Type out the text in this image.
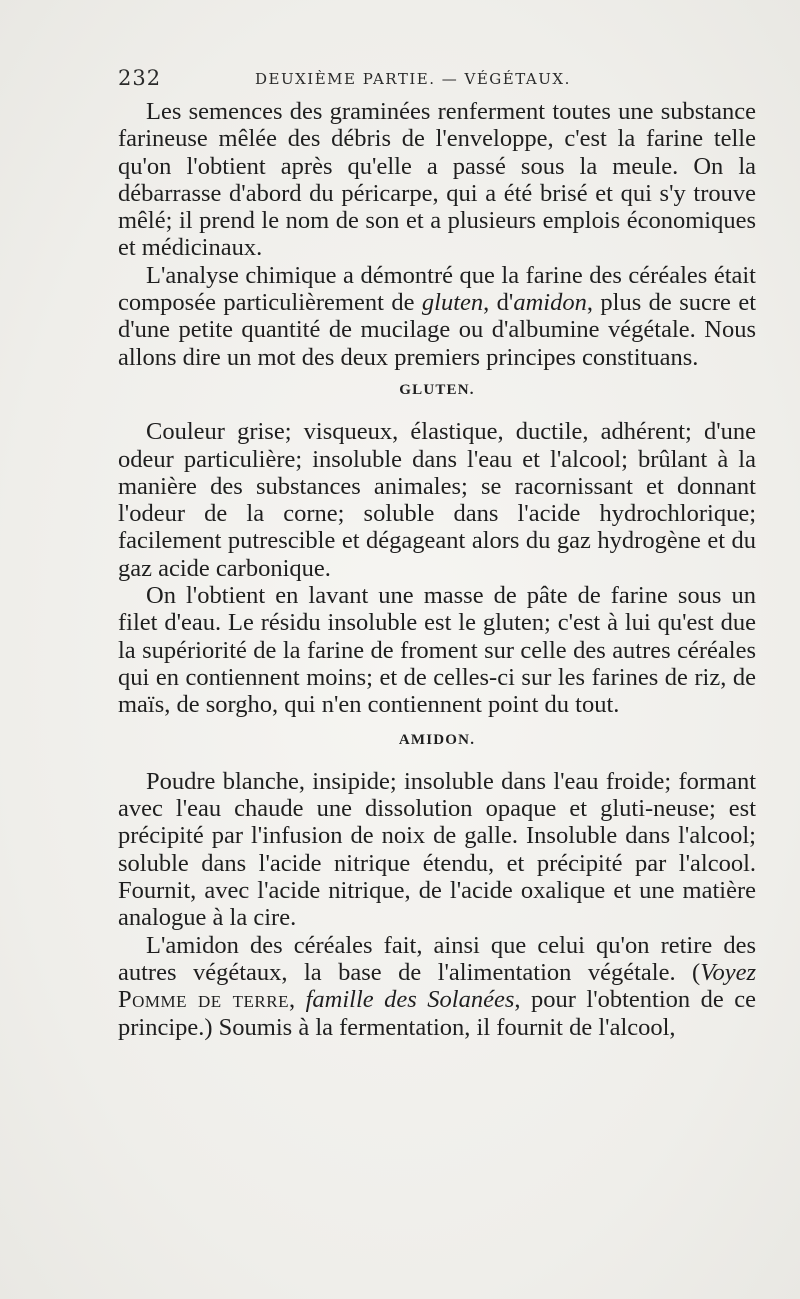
232	DEUXIÈME PARTIE. — VÉGÉTAUX.

Les semences des graminées renferment toutes une substance farineuse mêlée des débris de l'enveloppe, c'est la farine telle qu'on l'obtient après qu'elle a passé sous la meule. On la débarrasse d'abord du péricarpe, qui a été brisé et qui s'y trouve mêlé; il prend le nom de son et a plusieurs emplois économiques et médicinaux.

L'analyse chimique a démontré que la farine des céréales était composée particulièrement de gluten, d'amidon, plus de sucre et d'une petite quantité de mucilage ou d'albumine végétale. Nous allons dire un mot des deux premiers principes constituans.

GLUTEN.

Couleur grise; visqueux, élastique, ductile, adhérent; d'une odeur particulière; insoluble dans l'eau et l'alcool; brûlant à la manière des substances animales; se racornissant et donnant l'odeur de la corne; soluble dans l'acide hydrochlorique; facilement putrescible et dégageant alors du gaz hydrogène et du gaz acide carbonique.

On l'obtient en lavant une masse de pâte de farine sous un filet d'eau. Le résidu insoluble est le gluten; c'est à lui qu'est due la supériorité de la farine de froment sur celle des autres céréales qui en contiennent moins; et de celles-ci sur les farines de riz, de maïs, de sorgho, qui n'en contiennent point du tout.

AMIDON.

Poudre blanche, insipide; insoluble dans l'eau froide; formant avec l'eau chaude une dissolution opaque et gluti-neuse; est précipité par l'infusion de noix de galle. Insoluble dans l'alcool; soluble dans l'acide nitrique étendu, et précipité par l'alcool. Fournit, avec l'acide nitrique, de l'acide oxalique et une matière analogue à la cire.

L'amidon des céréales fait, ainsi que celui qu'on retire des autres végétaux, la base de l'alimentation végétale. (Voyez Pomme de terre, famille des Solanées, pour l'obtention de ce principe.) Soumis à la fermentation, il fournit de l'alcool,
